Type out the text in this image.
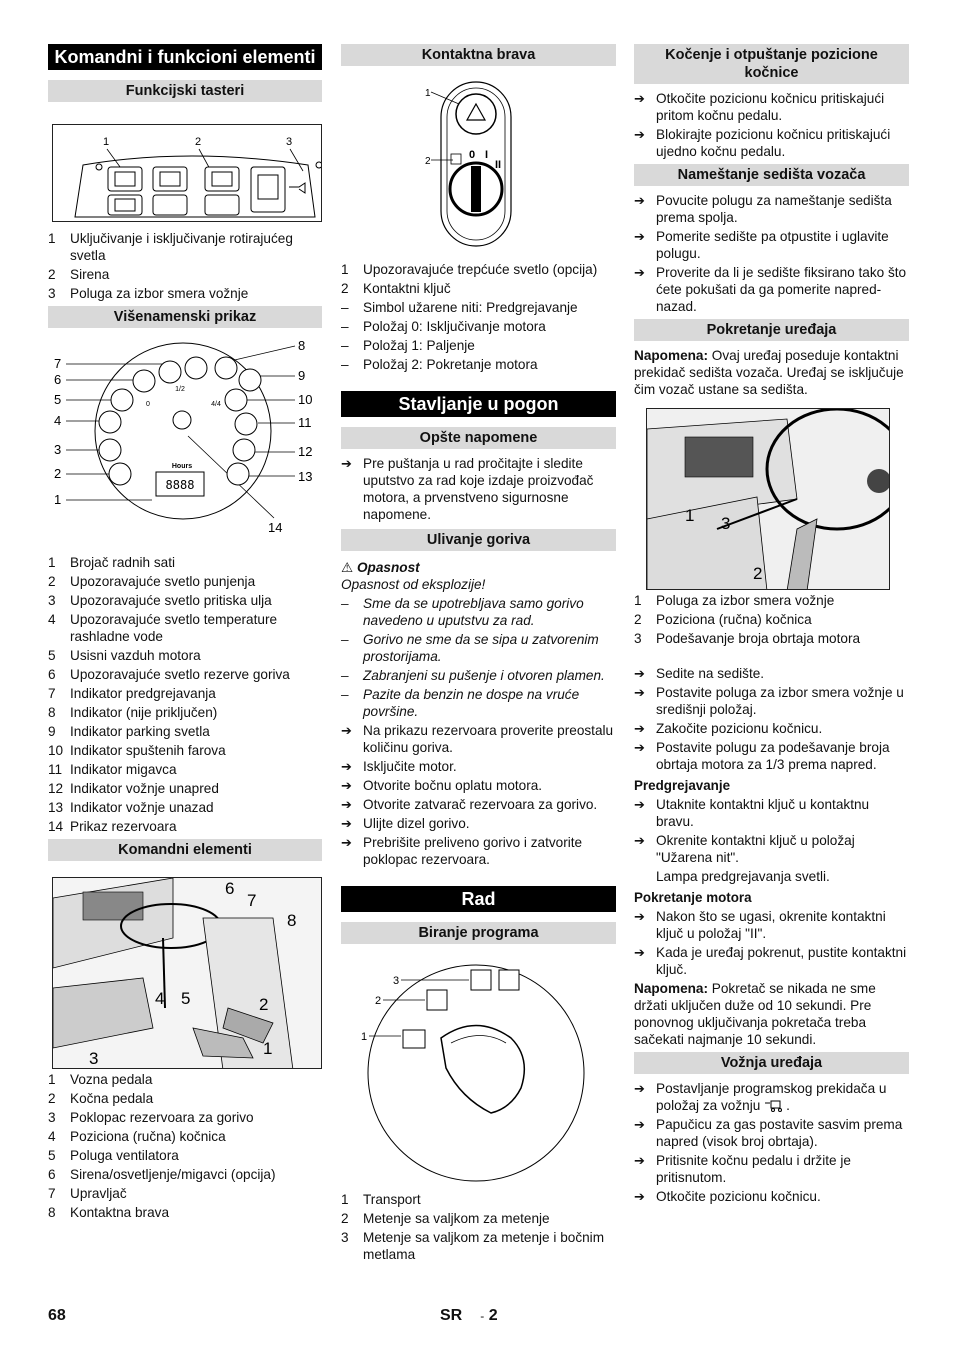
Komandni i funkcioni elementi
Funkcijski tasteri
1	2	3
1	Uključivanje i isključivanje rotirajućeg svetla
2	Sirena
3	Poluga za izbor smera vožnje
Višenamenski prikaz
7
6
5
4
3
2
1
8
9
10
11
12
13
14
1/2
0	4/4
Hours
8888
1	Brojač radnih sati
2	Upozoravajuće svetlo punjenja
3	Upozoravajuće svetlo pritiska ulja
4	Upozoravajuće svetlo temperature rashladne vode
5	Usisni vazduh motora
6	Upozoravajuće svetlo rezerve goriva
7	Indikator predgrejavanja
8	Indikator (nije priključen)
9	Indikator parking svetla
10 Indikator spuštenih farova
11 Indikator migavca
12 Indikator vožnje unapred
13 Indikator vožnje unazad
14 Prikaz rezervoara
Komandni elementi
1
2
3
4 5
6
7
8
1	Vozna pedala
2	Kočna pedala
3	Poklopac rezervoara za gorivo
4	Poziciona (ručna) kočnica
5	Poluga ventilatora
6	Sirena/osvetljenje/migavci (opcija)
7	Upravljač
8	Kontaktna brava
Kontaktna brava
0 I
II
1
2
1	Upozoravajuće trepćuće svetlo (opcija)
2	Kontaktni ključ
–	Simbol užarene niti: Predgrejavanje
–	Položaj 0: Isključivanje motora
–	Položaj 1: Paljenje
–	Položaj 2: Pokretanje motora
Stavljanje u pogon
Opšte napomene
➔ Pre puštanja u rad pročitajte i sledite uputstvo za rad koje izdaje proizvođač motora, a prvenstveno sigurnosne napomene.
Ulivanje goriva
⚠ Opasnost

Opasnost od eksplozije!

–	Sme da se upotrebljava samo gorivo navedeno u uputstvu za rad.
–	Gorivo ne sme da se sipa u zatvorenim prostorijama.
–	Zabranjeni su pušenje i otvoren plamen.
–	Pazite da benzin ne dospe na vruće površine.
➔ Na prikazu rezervoara proverite preostalu količinu goriva.
➔ Isključite motor.
➔ Otvorite bočnu oplatu motora.
➔ Otvorite zatvarač rezervoara za gorivo.
➔ Ulijte dizel gorivo.
➔ Prebrišite preliveno gorivo i zatvorite poklopac rezervoara.
Rad
Biranje programa
3
2
1
1	Transport
2	Metenje sa valjkom za metenje
3	Metenje sa valjkom za metenje i bočnim metlama
Kočenje i otpuštanje pozicione kočnice
➔ Otkočite pozicionu kočnicu pritiskajući pritom kočnu pedalu.
➔ Blokirajte pozicionu kočnicu pritiskajući ujedno kočnu pedalu.
Nameštanje sedišta vozača
➔ Povucite polugu za nameštanje sedišta prema spolja.
➔ Pomerite sedište pa otpustite i uglavite polugu.
➔ Proverite da li je sedište fiksirano tako što ćete pokušati da ga pomerite napred-nazad.
Pokretanje uređaja

Napomena: Ovaj uređaj poseduje kontaktni prekidač sedišta vozača. Uređaj se isključuje čim vozač ustane sa sedišta.

1
2
3
1	Poluga za izbor smera vožnje
2	Poziciona (ručna) kočnica
3	Podešavanje broja obrtaja motora
➔ Sedite na sedište.
➔ Postavite poluga za izbor smera vožnje u središnji položaj.
➔ Zakočite pozicionu kočnicu.
➔ Postavite polugu za podešavanje broja obrtaja motora za 1/3 prema napred.
Predgrejavanje
➔ Utaknite kontaktni ključ u kontaktnu bravu.
➔ Okrenite kontaktni ključ u položaj "Užarena nit".

Lampa predgrejavanja svetli.

Pokretanje motora
➔ Nakon što se ugasi, okrenite kontaktni ključ u položaj "II".
➔ Kada je uređaj pokrenut, pustite kontaktni ključ.

Napomena: Pokretač se nikada ne sme držati uključen duže od 10 sekundi. Pre ponovnog uključivanja pokretača treba sačekati najmanje 10 sekundi.

Vožnja uređaja
➔ Postavljanje programskog prekidača u položaj za vožnju .
➔ Papučicu za gas postavite sasvim prema napred (visok broj obrtaja).
➔ Pritisnite kočnu pedalu i držite je pritisnutom.
➔ Otkočite pozicionu kočnicu.
68	SR - 2
